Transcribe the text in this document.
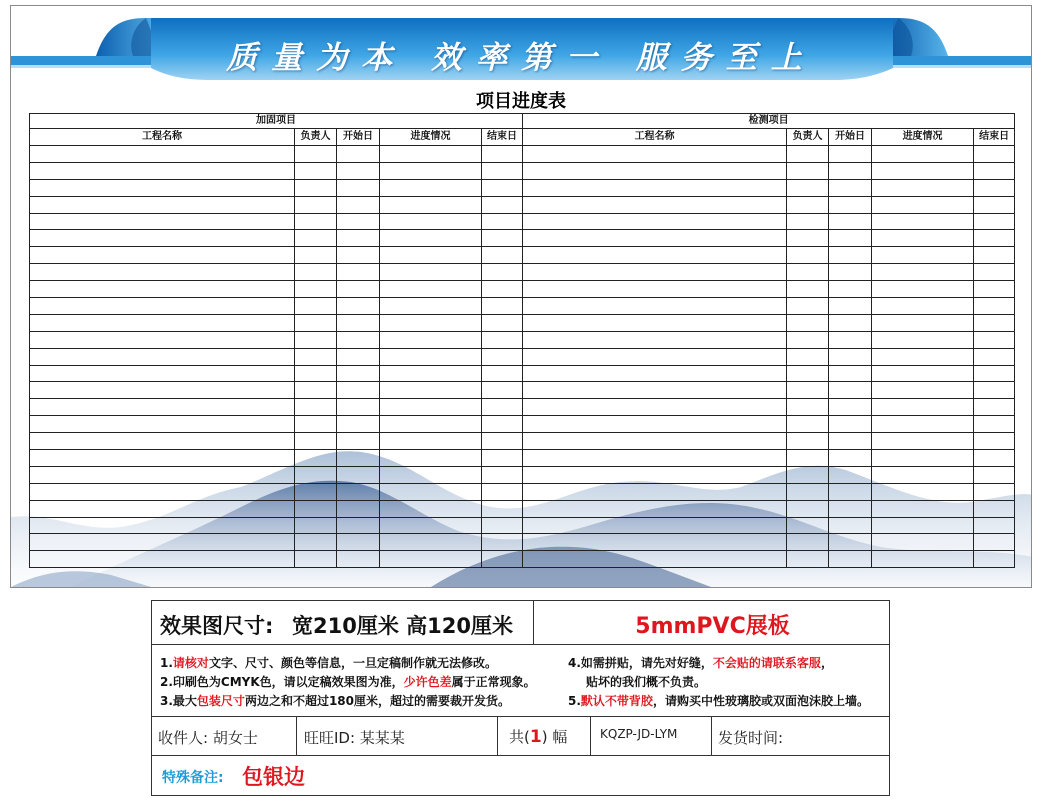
质量为本 效率第一 服务至上
项目进度表
加固项目					检测项目				
工程名称	负责人	开始日	进度情况	结束日	工程名称	负责人	开始日	进度情况	结束日

效果图尺寸: 宽210厘米 高120厘米	5mmPVC展板
1.请核对文字、尺寸、颜色等信息，一旦定稿制作就无法修改。
2.印刷色为CMYK色，请以定稿效果图为准，少许色差属于正常现象。
3.最大包装尺寸两边之和不超过180厘米，超过的需要裁开发货。
4.如需拼贴，请先对好缝，不会贴的请联系客服，
贴坏的我们概不负责。
5.默认不带背胶，请购买中性玻璃胶或双面泡沫胶上墙。
收件人: 胡女士	旺旺ID: 某某某	共(1) 幅	KQZP-JD-LYM	发货时间:
特殊备注: 包银边
